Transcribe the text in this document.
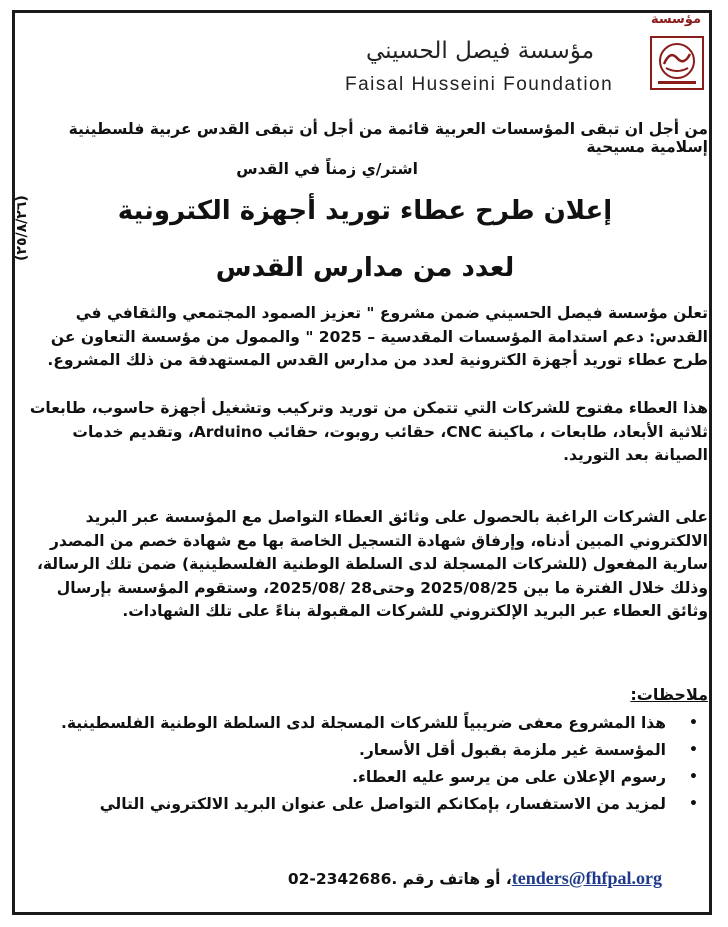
مؤسسة فيصل الحسيني
Faisal Husseini Foundation
مؤسسة
من أجل ان تبقى المؤسسات العربية قائمة من أجل أن تبقى القدس عربية فلسطينية إسلامية مسيحية
اشتر/ي زمناً في القدس
(٢٥/٨/٢٦)	إعلان طرح عطاء توريد أجهزة الكترونية
لعدد من مدارس القدس
تعلن مؤسسة فيصل الحسيني ضمن مشروع " تعزيز الصمود المجتمعي والثقافي في القدس: دعم استدامة المؤسسات المقدسية – 2025 " والممول من مؤسسة التعاون عن طرح عطاء توريد أجهزة الكترونية لعدد من مدارس القدس المستهدفة من ذلك المشروع.
هذا العطاء مفتوح للشركات التي تتمكن من توريد وتركيب وتشغيل أجهزة حاسوب، طابعات ثلاثية الأبعاد، طابعات ، ماكينة CNC، حقائب روبوت، حقائب Arduino، وتقديم خدمات الصيانة بعد التوريد.
على الشركات الراغبة بالحصول على وثائق العطاء التواصل مع المؤسسة عبر البريد الالكتروني المبين أدناه، وإرفاق شهادة التسجيل الخاصة بها مع شهادة خصم من المصدر سارية المفعول (للشركات المسجلة لدى السلطة الوطنية الفلسطينية) ضمن تلك الرسالة، وذلك خلال الفترة ما بين 2025/08/25 وحتى28 /2025/08، وستقوم المؤسسة بإرسال وثائق العطاء عبر البريد الإلكتروني للشركات المقبولة بناءً على تلك الشهادات.
ملاحظات:
•
هذا المشروع معفى ضريبياً للشركات المسجلة لدى السلطة الوطنية الفلسطينية.
•
المؤسسة غير ملزمة بقبول أقل الأسعار.
•
رسوم الإعلان على من يرسو عليه العطاء.
•
لمزيد من الاستفسار، بإمكانكم التواصل على عنوان البريد الالكتروني التالي
tenders@fhfpal.org، أو هاتف رقم 02-2342686.
